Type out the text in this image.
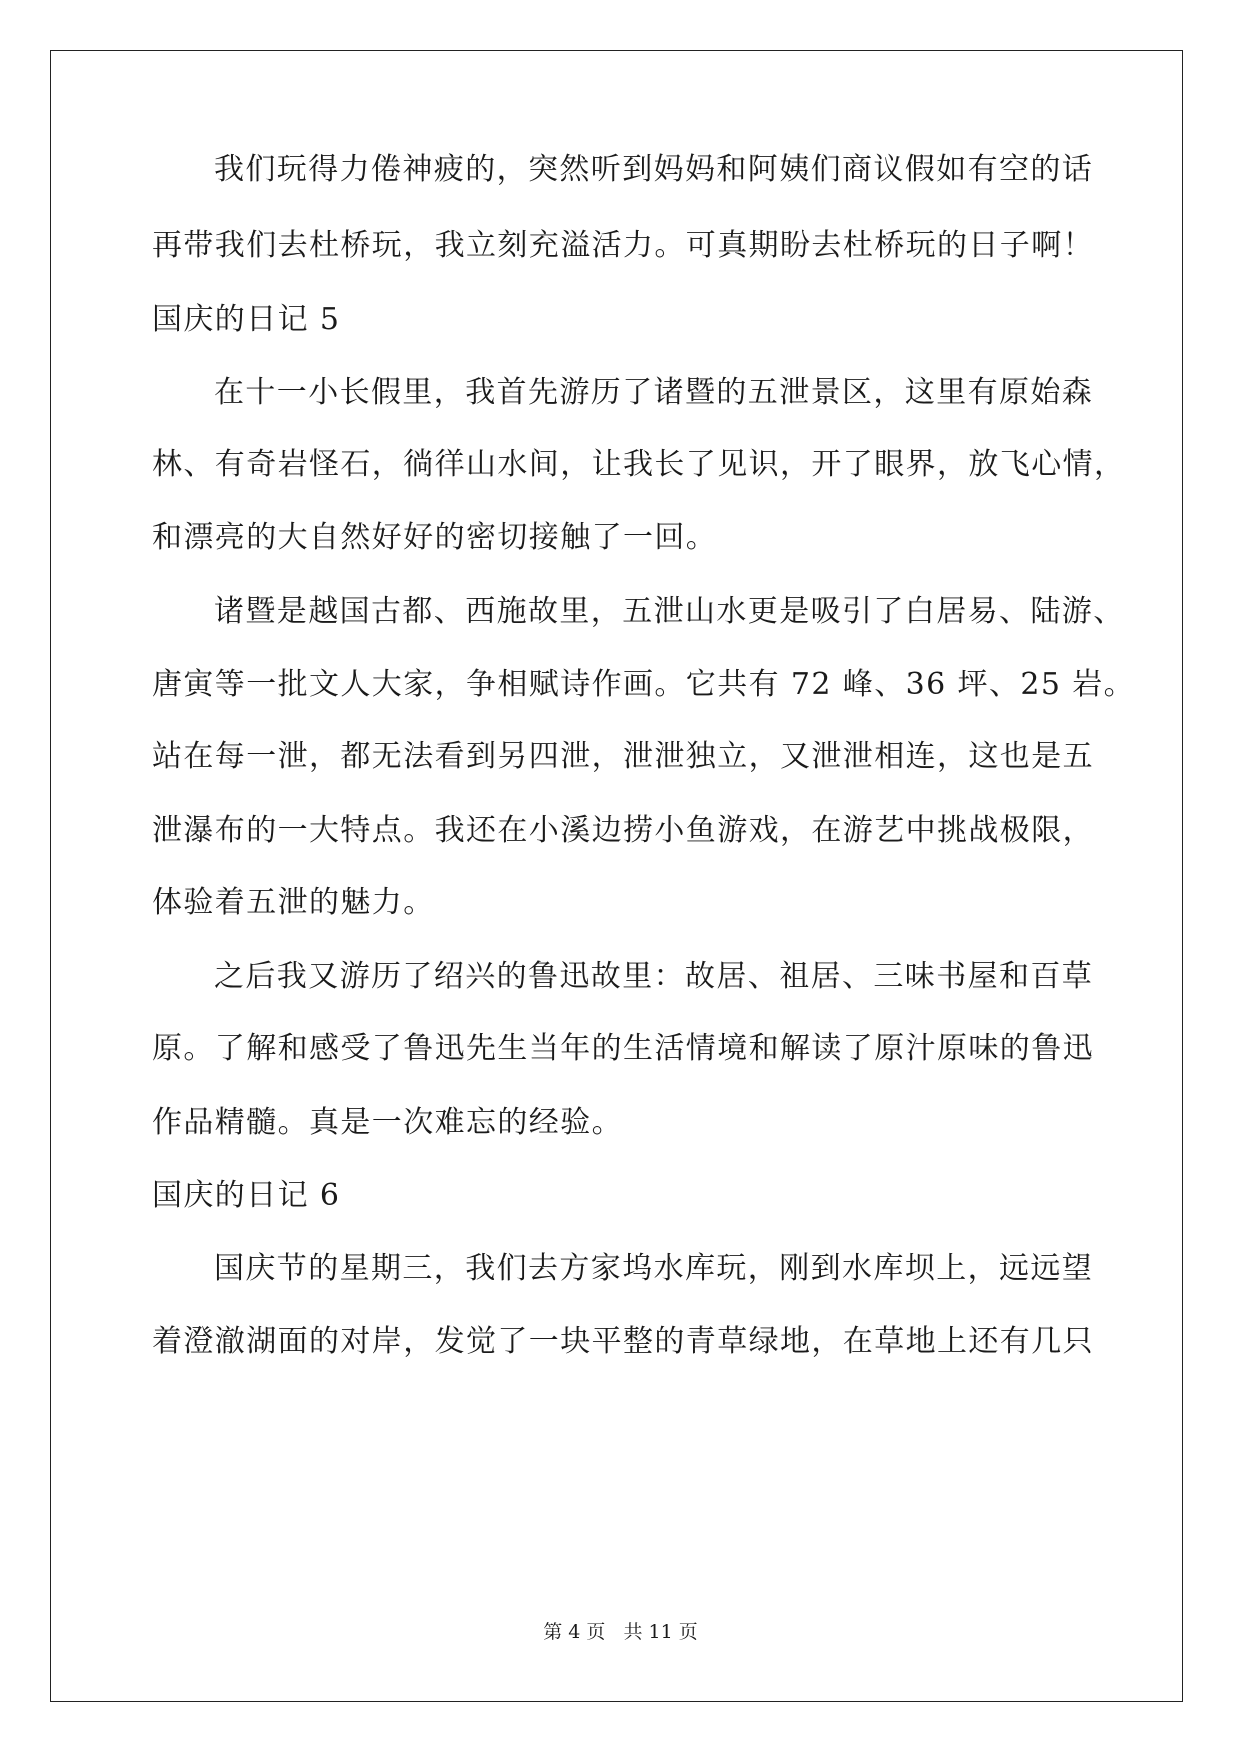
我们玩得力倦神疲的，突然听到妈妈和阿姨们商议假如有空的话
再带我们去杜桥玩，我立刻充溢活力。可真期盼去杜桥玩的日子啊！
国庆的日记 5
在十一小长假里，我首先游历了诸暨的五泄景区，这里有原始森
林、有奇岩怪石，徜徉山水间，让我长了见识，开了眼界，放飞心情，
和漂亮的大自然好好的密切接触了一回。
诸暨是越国古都、西施故里，五泄山水更是吸引了白居易、陆游、
唐寅等一批文人大家，争相赋诗作画。它共有 72 峰、36 坪、25 岩。
站在每一泄，都无法看到另四泄，泄泄独立，又泄泄相连，这也是五
泄瀑布的一大特点。我还在小溪边捞小鱼游戏，在游艺中挑战极限，
体验着五泄的魅力。
之后我又游历了绍兴的鲁迅故里：故居、祖居、三味书屋和百草
原。了解和感受了鲁迅先生当年的生活情境和解读了原汁原味的鲁迅
作品精髓。真是一次难忘的经验。
国庆的日记 6
国庆节的星期三，我们去方家坞水库玩，刚到水库坝上，远远望
着澄澈湖面的对岸，发觉了一块平整的青草绿地，在草地上还有几只
第 4 页   共 11 页
